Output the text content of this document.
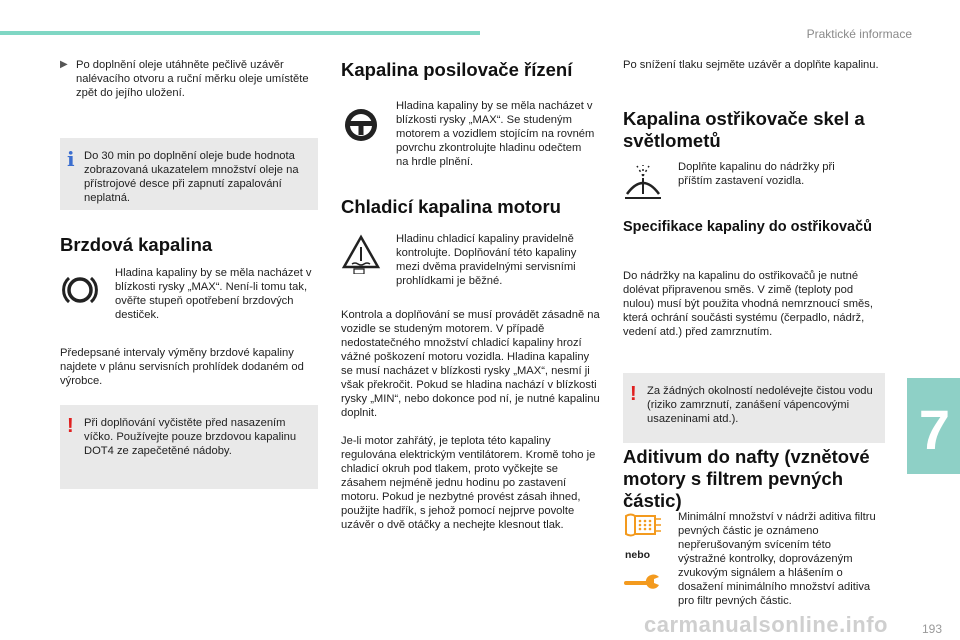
Praktické informace
7
carmanualsonline.info	193
▶ Po doplnění oleje utáhněte pečlivě uzávěr nalévacího otvoru a ruční měrku oleje umístěte zpět do jejího uložení.
i Do 30 min po doplnění oleje bude hodnota zobrazovaná ukazatelem množství oleje na přístrojové desce při zapnutí zapalování neplatná.
Brzdová kapalina
Hladina kapaliny by se měla nacházet v blízkosti rysky „MAX“. Není-li tomu tak, ověřte stupeň opotřebení brzdových destiček.
Předepsané intervaly výměny brzdové kapaliny najdete v plánu servisních prohlídek dodaném od výrobce.
! Při doplňování vyčistěte před nasazením víčko. Používejte pouze brzdovou kapalinu DOT4 ze zapečetěné nádoby.
Kapalina posilovače řízení
Hladina kapaliny by se měla nacházet v blízkosti rysky „MAX“. Se studeným motorem a vozidlem stojícím na rovném povrchu zkontrolujte hladinu odečtem na hrdle plnění.
Chladicí kapalina motoru
Hladinu chladicí kapaliny pravidelně kontrolujte. Doplňování této kapaliny mezi dvěma pravidelnými servisními prohlídkami je běžné.
Kontrola a doplňování se musí provádět zásadně na vozidle se studeným motorem. V případě nedostatečného množství chladicí kapaliny hrozí vážné poškození motoru vozidla. Hladina kapaliny se musí nacházet v blízkosti rysky „MAX“, nesmí ji však překročit. Pokud se hladina nachází v blízkosti rysky „MIN“, nebo dokonce pod ní, je nutné kapalinu doplnit.
Je-li motor zahřátý, je teplota této kapaliny regulována elektrickým ventilátorem. Kromě toho je chladicí okruh pod tlakem, proto vyčkejte se zásahem nejméně jednu hodinu po zastavení motoru. Pokud je nezbytné provést zásah ihned, použijte hadřík, s jehož pomocí nejprve povolte uzávěr o dvě otáčky a nechejte klesnout tlak.
Po snížení tlaku sejměte uzávěr a doplňte kapalinu.
Kapalina ostřikovače skel a světlometů
Doplňte kapalinu do nádržky při příštím zastavení vozidla.
Specifikace kapaliny do ostřikovačů
Do nádržky na kapalinu do ostřikovačů je nutné dolévat připravenou směs. V zimě (teploty pod nulou) musí být použita vhodná nemrznoucí směs, která ochrání součásti systému (čerpadlo, nádrž, vedení atd.) před zamrznutím.
! Za žádných okolností nedolévejte čistou vodu (riziko zamrznutí, zanášení vápencovými usazeninami atd.).
Aditivum do nafty (vznětové motory s filtrem pevných částic)
nebo
Minimální množství v nádrži aditiva filtru pevných částic je oznámeno nepřerušovaným svícením této výstražné kontrolky, doprovázeným zvukovým signálem a hlášením o dosažení minimálního množství aditiva pro filtr pevných částic.
